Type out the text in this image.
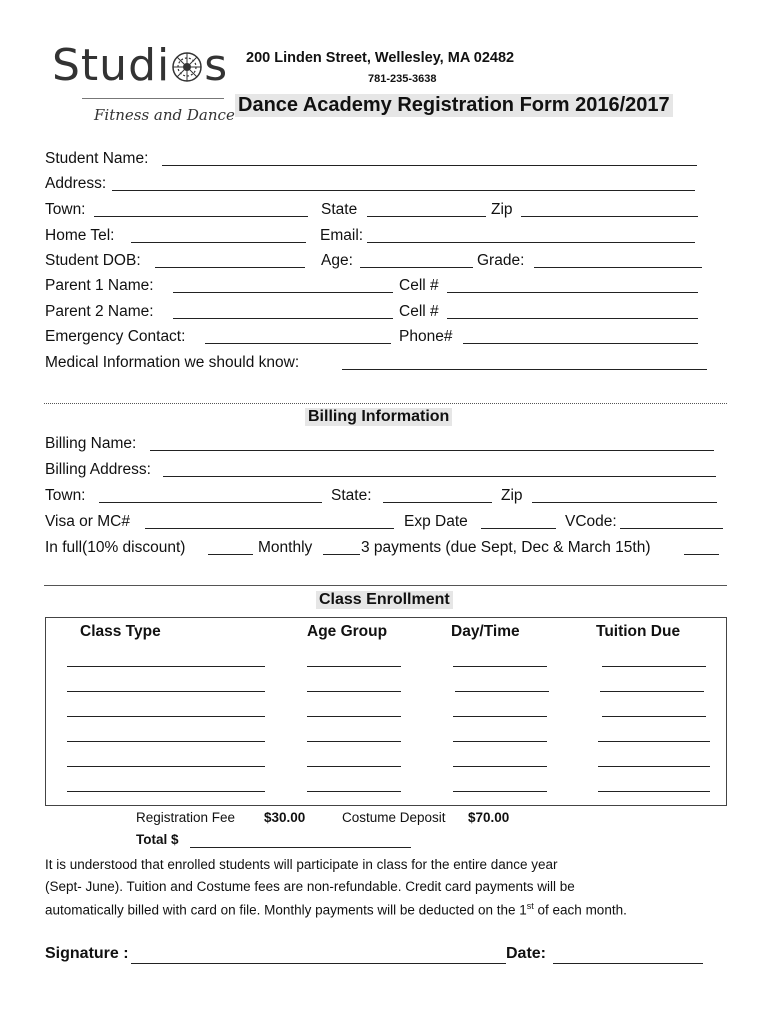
Studi s
Fitness and Dance
200 Linden Street, Wellesley, MA 02482
781-235-3638
Dance Academy Registration Form 2016/2017
Student Name:
Address:
Town:	State	Zip
Home Tel:	Email:
Student DOB:	Age:	Grade:
Parent 1 Name:	Cell #
Parent 2 Name:	Cell #
Emergency Contact:	Phone#
Medical Information we should know:
Billing Information
Billing Name:
Billing Address:
Town:	State:	Zip
Visa or MC#	Exp Date	VCode:
In full(10% discount)	Monthly	3 payments (due Sept, Dec & March 15th)
Class Enrollment
Class Type	Age Group	Day/Time	Tuition Due
Registration Fee $30.00	Costume Deposit $70.00
Total $
It is understood that enrolled students will participate in class for the entire dance year
(Sept- June). Tuition and Costume fees are non-refundable. Credit card payments will be
automatically billed with card on file. Monthly payments will be deducted on the 1st of each month.
Signature :	Date:
